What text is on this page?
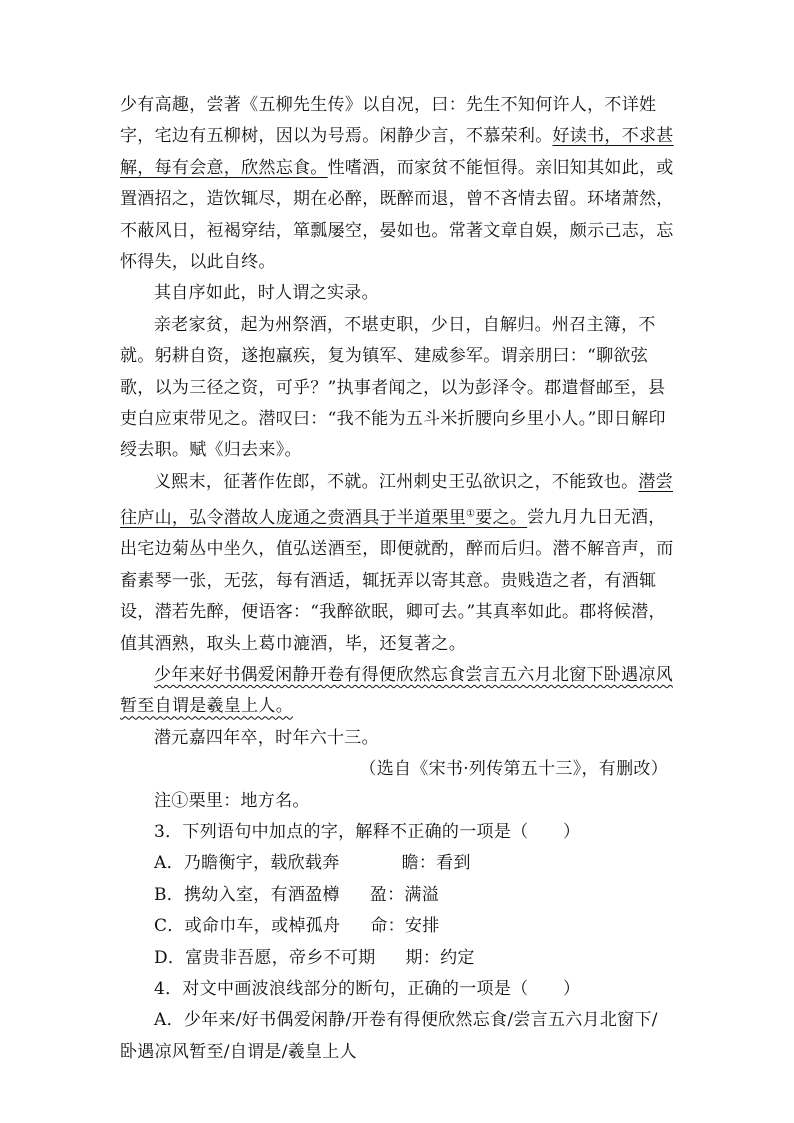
少有高趣，尝著《五柳先生传》以自况，曰：先生不知何许人，不详姓字，宅边有五柳树，因以为号焉。闲静少言，不慕荣利。好读书，不求甚解，每有会意，欣然忘食。性嗜酒，而家贫不能恒得。亲旧知其如此，或置酒招之，造饮辄尽，期在必醉，既醉而退，曾不吝情去留。环堵萧然，不蔽风日，裋褐穿结，箪瓢屡空，晏如也。常著文章自娱，颇示己志，忘怀得失，以此自终。

其自序如此，时人谓之实录。

亲老家贫，起为州祭酒，不堪吏职，少日，自解归。州召主簿，不就。躬耕自资，遂抱羸疾，复为镇军、建威参军。谓亲朋曰：“聊欲弦歌，以为三径之资，可乎？”执事者闻之，以为彭泽令。郡遣督邮至，县吏白应束带见之。潜叹曰：“我不能为五斗米折腰向乡里小人。”即日解印绶去职。赋《归去来》。

义熙末，征著作佐郎，不就。江州刺史王弘欲识之，不能致也。潜尝往庐山，弘令潜故人庞通之赍酒具于半道栗里①要之。尝九月九日无酒，出宅边菊丛中坐久，值弘送酒至，即便就酌，醉而后归。潜不解音声，而畜素琴一张，无弦，每有酒适，辄抚弄以寄其意。贵贱造之者，有酒辄设，潜若先醉，便语客：“我醉欲眠，卿可去。”其真率如此。郡将候潜，值其酒熟，取头上葛巾漉酒，毕，还复著之。

少年来好书偶爱闲静开卷有得便欣然忘食尝言五六月北窗下卧遇凉风暂至自谓是羲皇上人。

潜元嘉四年卒，时年六十三。

（选自《宋书·列传第五十三》，有删改）

注①栗里：地方名。

3．下列语句中加点的字，解释不正确的一项是（　　）

A．乃瞻衡宇，载欣载奔	瞻：看到

B．携幼入室，有酒盈樽 盈：满溢

C．或命巾车，或棹孤舟 命：安排

D．富贵非吾愿，帝乡不可期 期：约定

4．对文中画波浪线部分的断句，正确的一项是（　　）

A．少年来/好书偶爱闲静/开卷有得便欣然忘食/尝言五六月北窗下/卧遇凉风暂至/自谓是/羲皇上人
